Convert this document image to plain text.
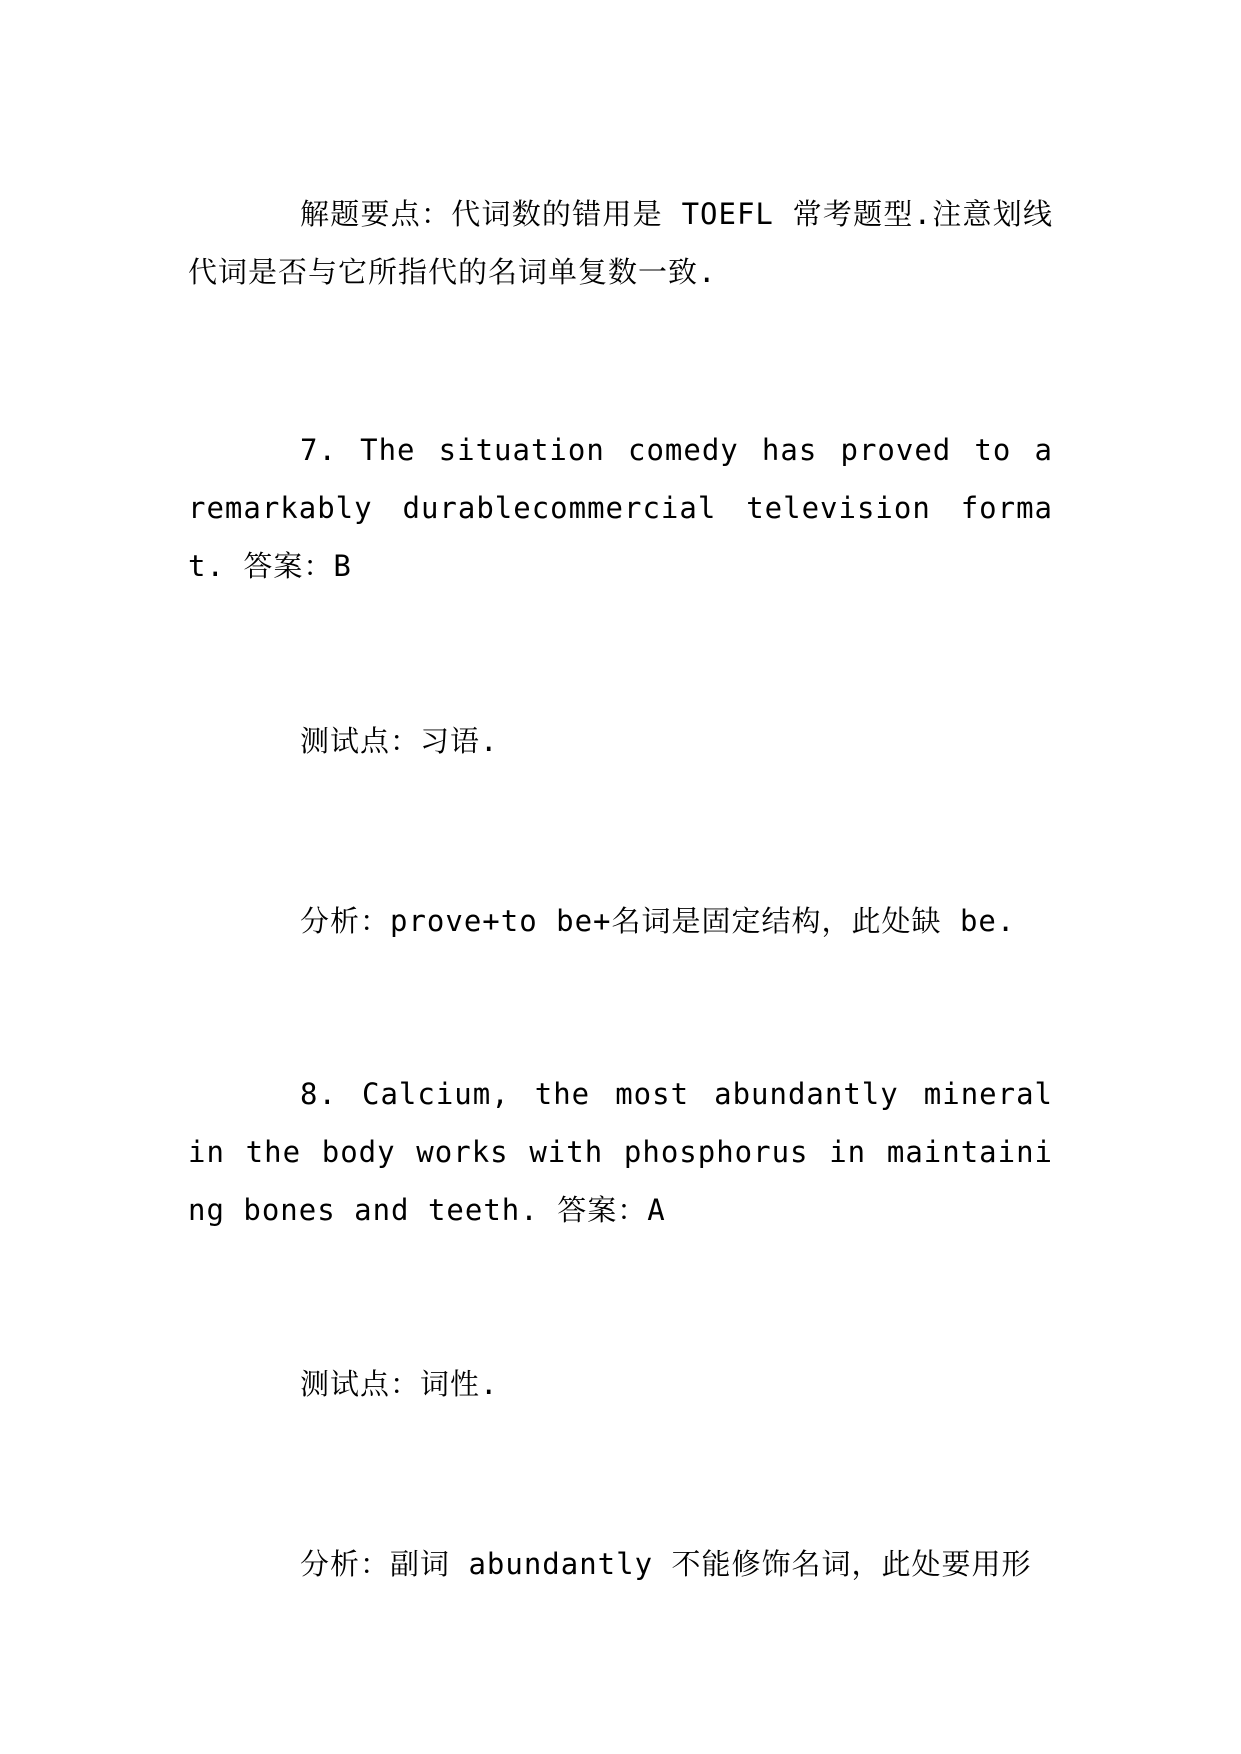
解题要点：代词数的错用是 TOEFL 常考题型.注意划线代词是否与它所指代的名词单复数一致.

7. The situation comedy has proved to a remarkably durablecommercial television format. 答案：B

测试点：习语.

分析：prove+to be+名词是固定结构，此处缺 be.

8. Calcium, the most abundantly mineral in the body works with phosphorus in maintaining bones and teeth. 答案：A

测试点：词性.

分析：副词 abundantly 不能修饰名词，此处要用形
